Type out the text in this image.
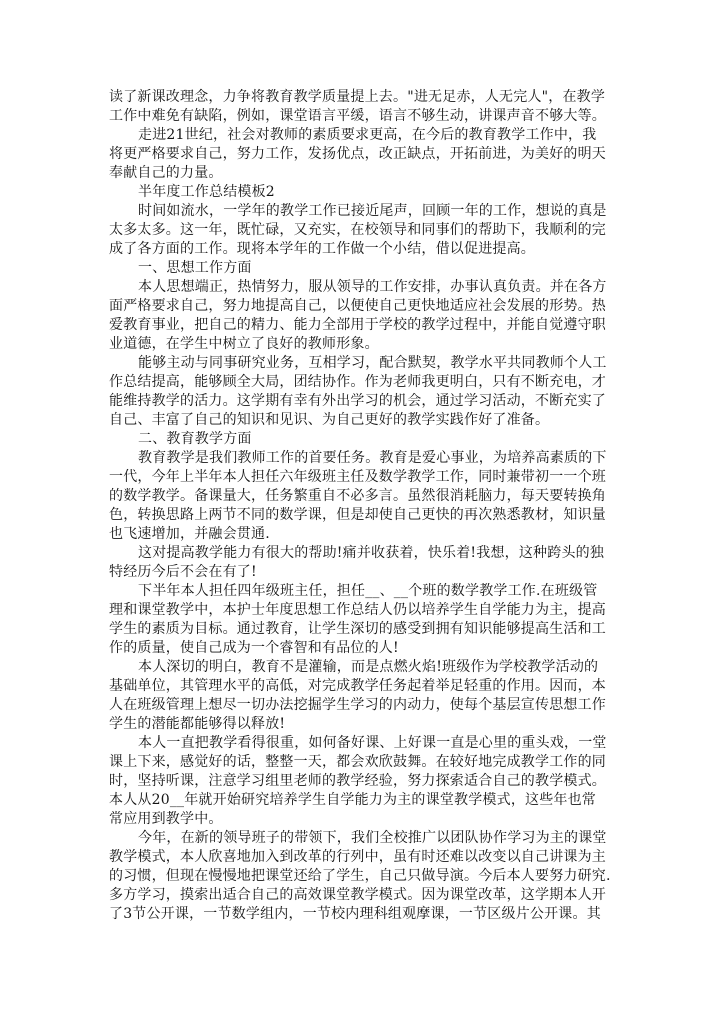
读了新课改理念，力争将教育教学质量提上去。"进无足赤，人无完人"，在教学
工作中难免有缺陷，例如，课堂语言平缓，语言不够生动，讲课声音不够大等。
走进21世纪，社会对教师的素质要求更高，在今后的教育教学工作中，我
将更严格要求自己，努力工作，发扬优点，改正缺点，开拓前进，为美好的明天
奉献自己的力量。
半年度工作总结模板2
时间如流水，一学年的教学工作已接近尾声，回顾一年的工作，想说的真是
太多太多。这一年，既忙碌，又充实，在校领导和同事们的帮助下，我顺利的完
成了各方面的工作。现将本学年的工作做一个小结，借以促进提高。
一、思想工作方面
本人思想端正，热情努力，服从领导的工作安排，办事认真负责。并在各方
面严格要求自己，努力地提高自己，以便使自己更快地适应社会发展的形势。热
爱教育事业，把自己的精力、能力全部用于学校的教学过程中，并能自觉遵守职
业道德，在学生中树立了良好的教师形象。
能够主动与同事研究业务，互相学习，配合默契，教学水平共同教师个人工
作总结提高，能够顾全大局，团结协作。作为老师我更明白，只有不断充电，才
能维持教学的活力。这学期有幸有外出学习的机会，通过学习活动，不断充实了
自己、丰富了自己的知识和见识、为自己更好的教学实践作好了准备。
二、教育教学方面
教育教学是我们教师工作的首要任务。教育是爱心事业，为培养高素质的下
一代，今年上半年本人担任六年级班主任及数学教学工作，同时兼带初一一个班
的数学教学。备课量大，任务繁重自不必多言。虽然很消耗脑力，每天要转换角
色，转换思路上两节不同的数学课，但是却使自己更快的再次熟悉教材，知识量
也飞速增加，并融会贯通.
这对提高教学能力有很大的帮助!痛并收获着，快乐着!我想，这种跨头的独
特经历今后不会在有了!
下半年本人担任四年级班主任，担任__、__个班的数学教学工作.在班级管
理和课堂教学中，本护士年度思想工作总结人仍以培养学生自学能力为主，提高
学生的素质为目标。通过教育，让学生深切的感受到拥有知识能够提高生活和工
作的质量，使自己成为一个睿智和有品位的人!
本人深切的明白，教育不是灌输，而是点燃火焰!班级作为学校教学活动的
基础单位，其管理水平的高低，对完成教学任务起着举足轻重的作用。因而，本
人在班级管理上想尽一切办法挖掘学生学习的内动力，使每个基层宣传思想工作
学生的潜能都能够得以释放!
本人一直把教学看得很重，如何备好课、上好课一直是心里的重头戏，一堂
课上下来，感觉好的话，整整一天，都会欢欣鼓舞。在较好地完成教学工作的同
时，坚持听课，注意学习组里老师的教学经验，努力探索适合自己的教学模式。
本人从20__年就开始研究培养学生自学能力为主的课堂教学模式，这些年也常
常应用到教学中。
今年，在新的领导班子的带领下，我们全校推广以团队协作学习为主的课堂
教学模式，本人欣喜地加入到改革的行列中，虽有时还难以改变以自己讲课为主
的习惯，但现在慢慢地把课堂还给了学生，自己只做导演。今后本人要努力研究.
多方学习，摸索出适合自己的高效课堂教学模式。因为课堂改革，这学期本人开
了3节公开课，一节数学组内，一节校内理科组观摩课，一节区级片公开课。其
